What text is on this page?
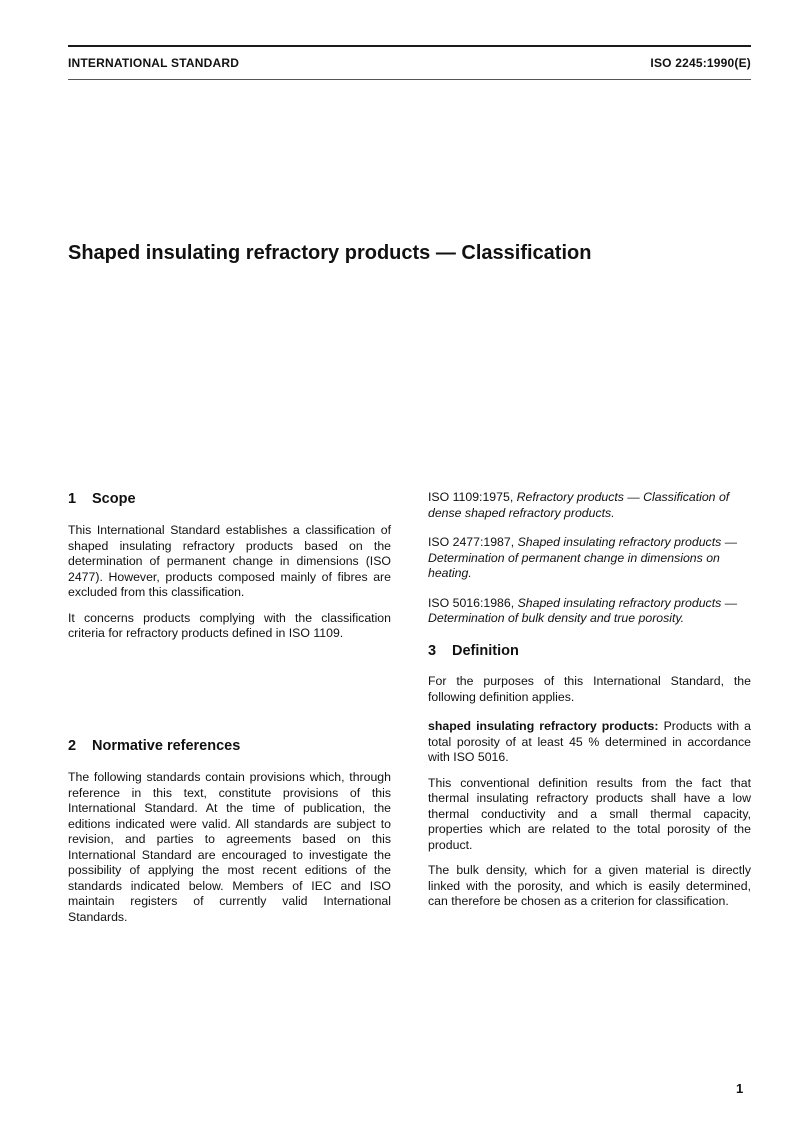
INTERNATIONAL STANDARD	ISO 2245:1990(E)
Shaped insulating refractory products — Classification
1 Scope

This International Standard establishes a classification of shaped insulating refractory products based on the determination of permanent change in dimensions (ISO 2477). However, products composed mainly of fibres are excluded from this classification.

It concerns products complying with the classification criteria for refractory products defined in ISO 1109.

2 Normative references

The following standards contain provisions which, through reference in this text, constitute provisions of this International Standard. At the time of publication, the editions indicated were valid. All standards are subject to revision, and parties to agreements based on this International Standard are encouraged to investigate the possibility of applying the most recent editions of the standards indicated below. Members of IEC and ISO maintain registers of currently valid International Standards.

ISO 1109:1975, Refractory products — Classification of dense shaped refractory products.

ISO 2477:1987, Shaped insulating refractory products — Determination of permanent change in dimensions on heating.

ISO 5016:1986, Shaped insulating refractory products — Determination of bulk density and true porosity.

3 Definition

For the purposes of this International Standard, the following definition applies.

shaped insulating refractory products: Products with a total porosity of at least 45 % determined in accordance with ISO 5016.

This conventional definition results from the fact that thermal insulating refractory products shall have a low thermal conductivity and a small thermal capacity, properties which are related to the total porosity of the product.

The bulk density, which for a given material is directly linked with the porosity, and which is easily determined, can therefore be chosen as a criterion for classification.

1
